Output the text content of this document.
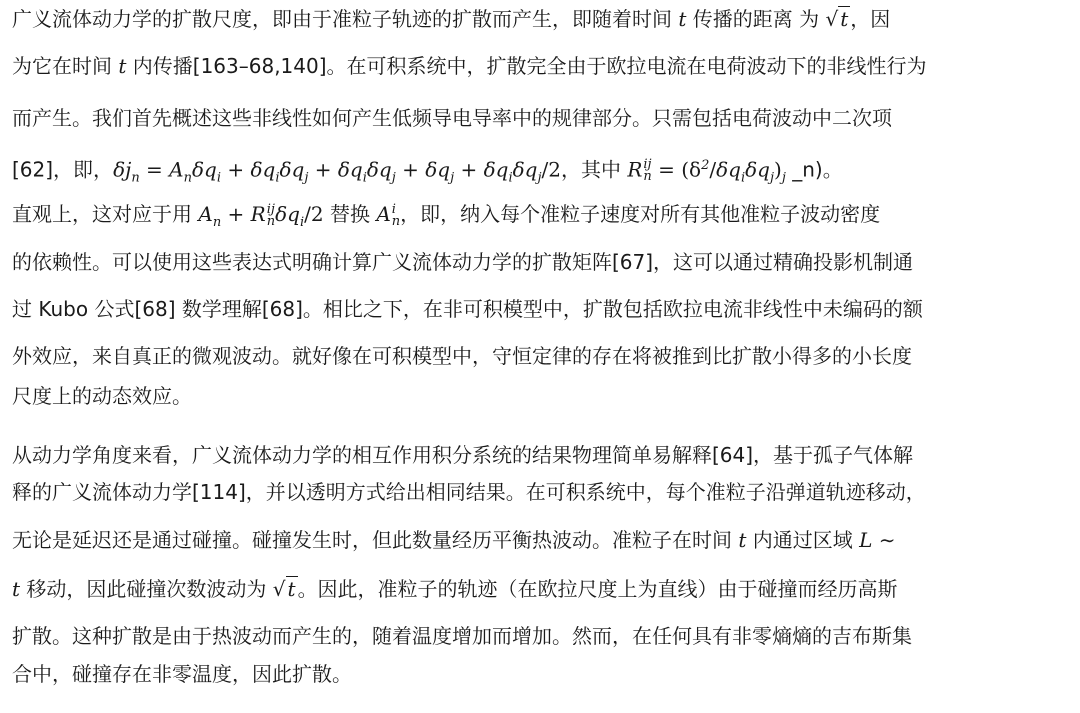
广义流体动力学的扩散尺度，即由于准粒子轨迹的扩散而产生，即随着时间 t 传播的距离 为 √ t ，因
为它在时间 t 内传播[163–68,140]。在可积系统中，扩散完全由于欧拉电流在电荷波动下的非线性行为
而产生。我们首先概述这些非线性如何产生低频导电导率中的规律部分。只需包括电荷波动中二次项
[62]，即，$\delta j_n = A_n\delta q_i + \delta q_i\delta q_j + \delta q_i\delta q_j + \delta q_j + \delta q_i\delta q_j/2$，其中 R ij
$n = (\delta^2/\delta q_i\delta q_j)_j$ _n)。
直观上，这对应于用 $A_n + R$ ij
n $\delta q_i/2$ 替换 A i
n ，即，纳入每个准粒子速度对所有其他准粒子波动密度
的依赖性。可以使用这些表达式明确计算广义流体动力学的扩散矩阵[67]，这可以通过精确投影机制通
过 Kubo 公式[68] 数学理解[68]。相比之下，在非可积模型中，扩散包括欧拉电流非线性中未编码的额
外效应，来自真正的微观波动。就好像在可积模型中，守恒定律的存在将被推到比扩散小得多的小长度
尺度上的动态效应。
从动力学角度来看，广义流体动力学的相互作用积分系统的结果物理简单易解释[64]，基于孤子气体解
释的广义流体动力学[114]，并以透明方式给出相同结果。在可积系统中，每个准粒子沿弹道轨迹移动，
无论是延迟还是通过碰撞。碰撞发生时，但此数量经历平衡热波动。准粒子在时间 t 内通过区域 L ∼
t 移动，因此碰撞次数波动为 √ t 。因此，准粒子的轨迹（在欧拉尺度上为直线）由于碰撞而经历高斯
扩散。这种扩散是由于热波动而产生的，随着温度增加而增加。然而，在任何具有非零熵熵的吉布斯集
合中，碰撞存在非零温度，因此扩散。
